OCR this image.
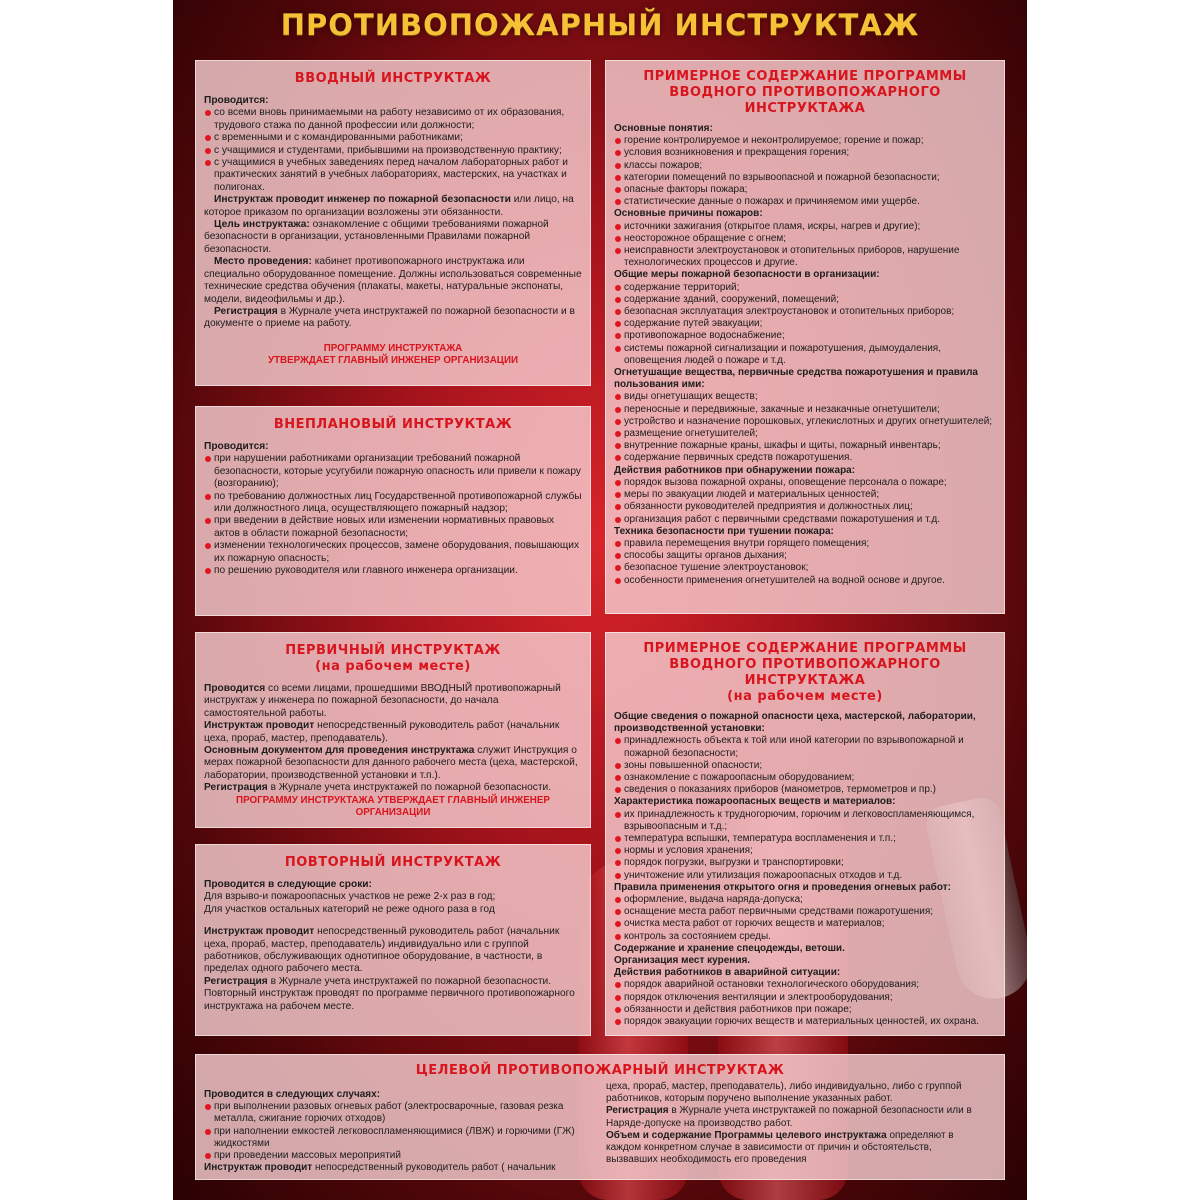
ПРОТИВОПОЖАРНЫЙ ИНСТРУКТАЖ
ВВОДНЫЙ ИНСТРУКТАЖ

Проводится:

со всеми вновь принимаемыми на работу независимо от их образования, трудового стажа по данной профессии или должности;
с временными и с командированными работниками;
с учащимися и студентами, прибывшими на производственную практику;
с учащимися в учебных заведениях перед началом лабораторных работ и практических занятий в учебных лабораториях, мастерских, на участках и полигонах.

Инструктаж проводит инженер по пожарной безопасности или лицо, на которое приказом по организации возложены эти обязанности.

Цель инструктажа: ознакомление с общими требованиями пожарной безопасности в организации, установленными Правилами пожарной безопасности.

Место проведения: кабинет противопожарного инструктажа или специально оборудованное помещение. Должны использоваться современные технические средства обучения (плакаты, макеты, натуральные экспонаты, модели, видеофильмы и др.).

Регистрация в Журнале учета инструктажей по пожарной безопасности и в документе о приеме на работу.

ПРОГРАММУ ИНСТРУКТАЖА

УТВЕРЖДАЕТ ГЛАВНЫЙ ИНЖЕНЕР ОРГАНИЗАЦИИ

ВНЕПЛАНОВЫЙ ИНСТРУКТАЖ

Проводится:

при нарушении работниками организации требований пожарной безопасности, которые усугубили пожарную опасность или привели к пожару (возгоранию);
по требованию должностных лиц Государственной противопожарной службы или должностного лица, осуществляющего пожарный надзор;
при введении в действие новых или изменении нормативных правовых актов в области пожарной безопасности;
изменении технологических процессов, замене оборудования, повышающих их пожарную опасность;
по решению руководителя или главного инженера организации.
ПЕРВИЧНЫЙ ИНСТРУКТАЖ
(на рабочем месте)

Проводится со всеми лицами, прошедшими ВВОДНЫЙ противопожарный инструктаж у инженера по пожарной безопасности, до начала самостоятельной работы.

Инструктаж проводит непосредственный руководитель работ (начальник цеха, прораб, мастер, преподаватель).

Основным документом для проведения инструктажа служит Инструкция о мерах пожарной безопасности для данного рабочего места (цеха, мастерской, лаборатории, производственной установки и т.п.).

Регистрация в Журнале учета инструктажей по пожарной безопасности.

ПРОГРАММУ ИНСТРУКТАЖА УТВЕРЖДАЕТ ГЛАВНЫЙ ИНЖЕНЕР

ОРГАНИЗАЦИИ

ПОВТОРНЫЙ ИНСТРУКТАЖ

Проводится в следующие сроки:

Для взрыво-и пожароопасных участков не реже 2-х раз в год;

Для участков остальных категорий не реже одного раза в год

Инструктаж проводит непосредственный руководитель работ (начальник цеха, прораб, мастер, преподаватель) индивидуально или с группой работников, обслуживающих однотипное оборудование, в частности, в пределах одного рабочего места.

Регистрация в Журнале учета инструктажей по пожарной безопасности.

Повторный инструктаж проводят по программе первичного противопожарного инструктажа на рабочем месте.

ПРИМЕРНОЕ СОДЕРЖАНИЕ ПРОГРАММЫ
ВВОДНОГО ПРОТИВОПОЖАРНОГО ИНСТРУКТАЖА

Основные понятия:

горение контролируемое и неконтролируемое; горение и пожар;
условия возникновения и прекращения горения;
классы пожаров;
категории помещений по взрывоопасной и пожарной безопасности;
опасные факторы пожара;
статистические данные о пожарах и причиняемом ими ущербе.

Основные причины пожаров:

источники зажигания (открытое пламя, искры, нагрев и другие);
неосторожное обращение с огнем;
неисправности электроустановок и отопительных приборов, нарушение технологических процессов и другие.

Общие меры пожарной безопасности в организации:

содержание территорий;
содержание зданий, сооружений, помещений;
безопасная эксплуатация электроустановок и отопительных приборов;
содержание путей эвакуации;
противопожарное водоснабжение;
системы пожарной сигнализации и пожаротушения, дымоудаления, оповещения людей о пожаре и т.д.

Огнетушащие вещества, первичные средства пожаротушения и правила пользования ими:

виды огнетушащих веществ;
переносные и передвижные, закачные и незакачные огнетушители;
устройство и назначение порошковых, углекислотных и других огнетушителей;
размещение огнетушителей;
внутренние пожарные краны, шкафы и щиты, пожарный инвентарь;
содержание первичных средств пожаротушения.

Действия работников при обнаружении пожара:

порядок вызова пожарной охраны, оповещение персонала о пожаре;
меры по эвакуации людей и материальных ценностей;
обязанности руководителей предприятия и должностных лиц;
организация работ с первичными средствами пожаротушения и т.д.

Техника безопасности при тушении пожара:

правила перемещения внутри горящего помещения;
способы защиты органов дыхания;
безопасное тушение электроустановок;
особенности применения огнетушителей на водной основе и другое.
ПРИМЕРНОЕ СОДЕРЖАНИЕ ПРОГРАММЫ
ВВОДНОГО ПРОТИВОПОЖАРНОГО ИНСТРУКТАЖА
(на рабочем месте)

Общие сведения о пожарной опасности цеха, мастерской, лаборатории, производственной установки:

принадлежность объекта к той или иной категории по взрывопожарной и пожарной безопасности;
зоны повышенной опасности;
ознакомление с пожароопасным оборудованием;
сведения о показаниях приборов (манометров, термометров и пр.)

Характеристика пожароопасных веществ и материалов:

их принадлежность к трудногорючим, горючим и легковоспламеняющимся, взрывоопасным и т.д.;
температура вспышки, температура воспламенения и т.п.;
нормы и условия хранения;
порядок погрузки, выгрузки и транспортировки;
уничтожение или утилизация пожароопасных отходов и т.д.

Правила применения открытого огня и проведения огневых работ:

оформление, выдача наряда-допуска;
оснащение места работ первичными средствами пожаротушения;
очистка места работ от горючих веществ и материалов;
контроль за состоянием среды.

Содержание и хранение спецодежды, ветоши.

Организация мест курения.

Действия работников в аварийной ситуации:

порядок аварийной остановки технологического оборудования;
порядок отключения вентиляции и электрооборудования;
обязанности и действия работников при пожаре;
порядок эвакуации горючих веществ и материальных ценностей, их охрана.
ЦЕЛЕВОЙ ПРОТИВОПОЖАРНЫЙ ИНСТРУКТАЖ

Проводится в следующих случаях:

при выполнении разовых огневых работ (электросварочные, газовая резка металла, сжигание горючих отходов)
при наполнении емкостей легковоспламеняющимися (ЛВЖ) и горючими (ГЖ) жидкостями
при проведении массовых мероприятий

Инструктаж проводит непосредственный руководитель работ ( начальник

цеха, прораб, мастер, преподаватель), либо индивидуально, либо с группой работников, которым поручено выполнение указанных работ.

Регистрация в Журнале учета инструктажей по пожарной безопасности или в Наряде-допуске на производство работ.

Объем и содержание Программы целевого инструктажа определяют в каждом конкретном случае в зависимости от причин и обстоятельств, вызвавших необходимость его проведения
